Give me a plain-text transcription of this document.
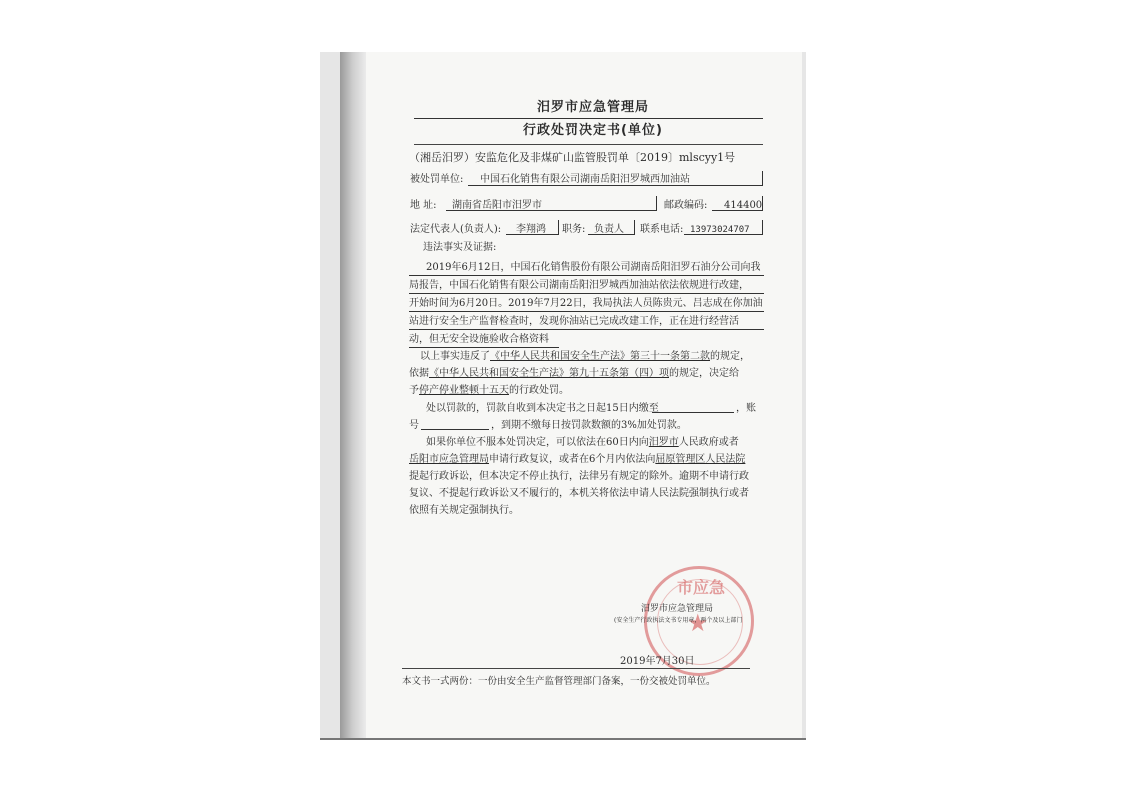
汨罗市应急管理局
行政处罚决定书(单位)
（湘岳汨罗）安监危化及非煤矿山监管股罚单〔2019〕mlscyy1号
被处罚单位: 中国石化销售有限公司湖南岳阳汨罗城西加油站
地 址: 湖南省岳阳市汨罗市	邮政编码: 414400
法定代表人(负责人): 李翔鸿 职务: 负责人 联系电话: 13973024707
违法事实及证据:
2019年6月12日，中国石化销售股份有限公司湖南岳阳汨罗石油分公司向我
局报告，中国石化销售有限公司湖南岳阳汨罗城西加油站依法依规进行改建，
开始时间为6月20日。2019年7月22日，我局执法人员陈贵元、吕志成在你加油
站进行安全生产监督检查时，发现你油站已完成改建工作，正在进行经营活
动，但无安全设施验收合格资料
以上事实违反了《中华人民共和国安全生产法》第三十一条第二款的规定，
依据《中华人民共和国安全生产法》第九十五条第（四）项的规定，决定给
予停产停业整顿十五天的行政处罚。
处以罚款的，罚款自收到本决定书之日起15日内缴至	，账
号	，到期不缴每日按罚款数额的3%加处罚款。
如果你单位不服本处罚决定，可以依法在60日内向汨罗市人民政府或者
岳阳市应急管理局申请行政复议，或者在6个月内依法向屈原管理区人民法院
提起行政诉讼，但本决定不停止执行，法律另有规定的除外。逾期不申请行政
复议、不提起行政诉讼又不履行的，本机关将依法申请人民法院强制执行或者
依照有关规定强制执行。
★
市应急
汨罗市应急管理局
(安全生产行政执法文书专用章，两个及以上部门
2019年7月30日
本文书一式两份：一份由安全生产监督管理部门备案，一份交被处罚单位。
